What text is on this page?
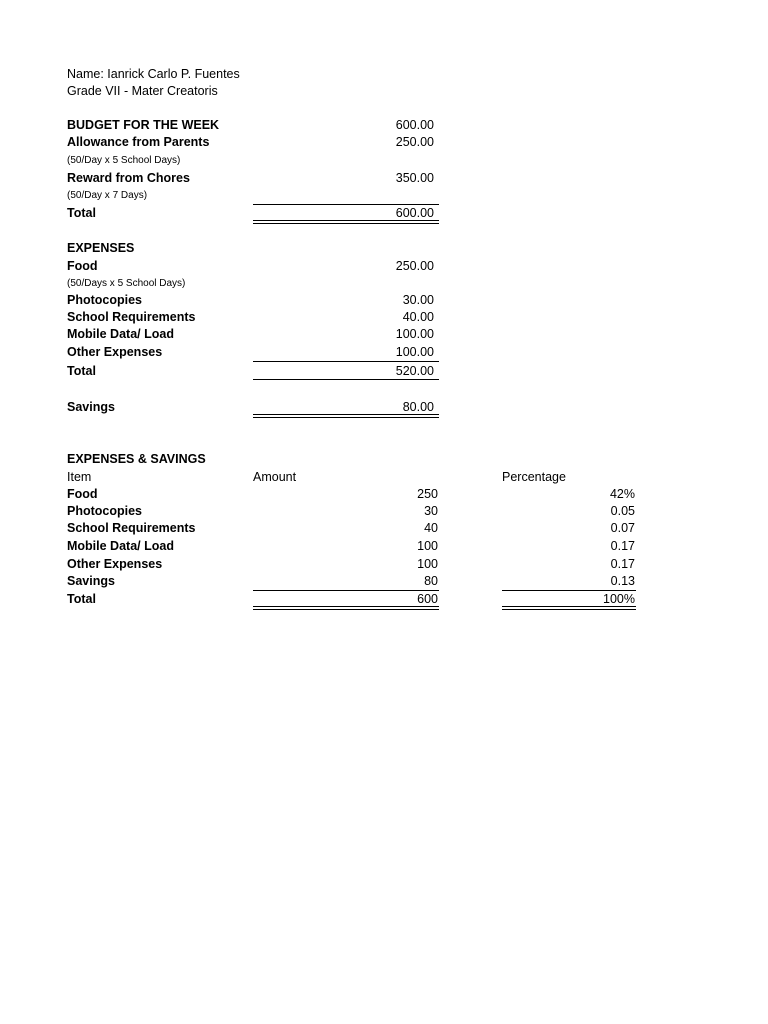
Name: Ianrick Carlo P. Fuentes
Grade VII - Mater Creatoris
BUDGET FOR THE WEEK	600.00
Allowance from Parents	250.00
(50/Day x 5 School Days)
Reward from Chores	350.00
(50/Day x 7 Days)
Total	600.00
EXPENSES
Food	250.00
(50/Days x 5 School Days)
Photocopies	30.00
School Requirements	40.00
Mobile Data/ Load	100.00
Other Expenses	100.00
Total	520.00
Savings	80.00
EXPENSES & SAVINGS
Item	Amount	Percentage
Food	250	42%
Photocopies	30	0.05
School Requirements	40	0.07
Mobile Data/ Load	100	0.17
Other Expenses	100	0.17
Savings	80	0.13
Total	600	100%
